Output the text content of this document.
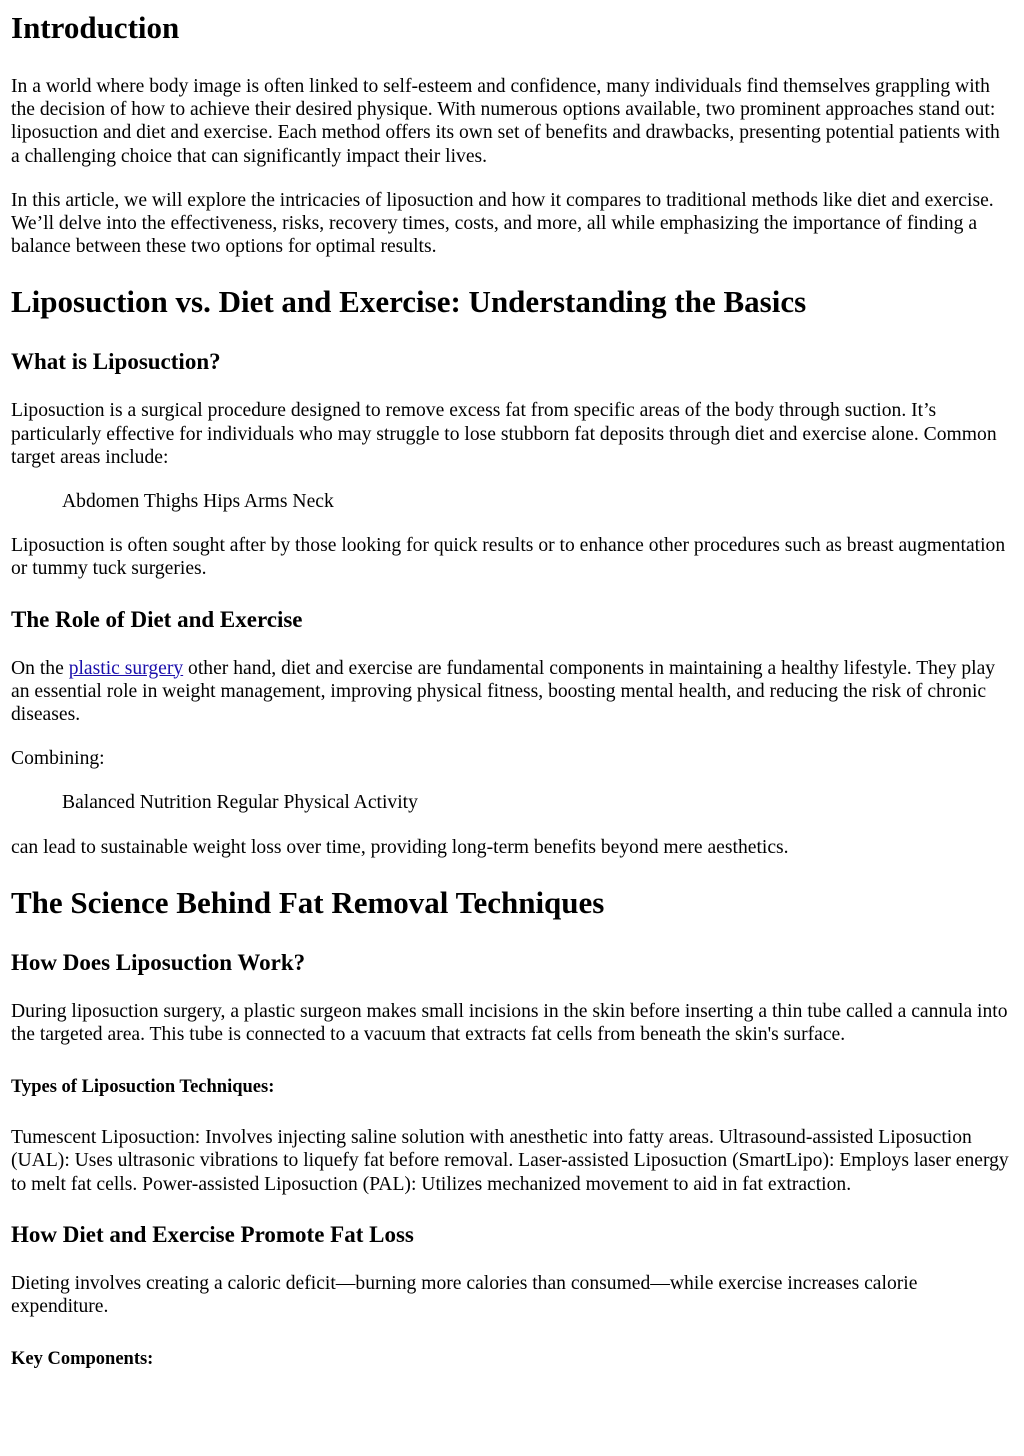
Introduction

In a world where body image is often linked to self-esteem and confidence, many individuals find themselves grappling with the decision of how to achieve their desired physique. With numerous options available, two prominent approaches stand out: liposuction and diet and exercise. Each method offers its own set of benefits and drawbacks, presenting potential patients with a challenging choice that can significantly impact their lives.

In this article, we will explore the intricacies of liposuction and how it compares to traditional methods like diet and exercise. We’ll delve into the effectiveness, risks, recovery times, costs, and more, all while emphasizing the importance of finding a balance between these two options for optimal results.

Liposuction vs. Diet and Exercise: Understanding the Basics
What is Liposuction?

Liposuction is a surgical procedure designed to remove excess fat from specific areas of the body through suction. It’s particularly effective for individuals who may struggle to lose stubborn fat deposits through diet and exercise alone. Common target areas include:

Abdomen Thighs Hips Arms Neck

Liposuction is often sought after by those looking for quick results or to enhance other procedures such as breast augmentation or tummy tuck surgeries.

The Role of Diet and Exercise

On the plastic surgery other hand, diet and exercise are fundamental components in maintaining a healthy lifestyle. They play an essential role in weight management, improving physical fitness, boosting mental health, and reducing the risk of chronic diseases.

Combining:

Balanced Nutrition Regular Physical Activity

can lead to sustainable weight loss over time, providing long-term benefits beyond mere aesthetics.

The Science Behind Fat Removal Techniques
How Does Liposuction Work?

During liposuction surgery, a plastic surgeon makes small incisions in the skin before inserting a thin tube called a cannula into the targeted area. This tube is connected to a vacuum that extracts fat cells from beneath the skin's surface.

Types of Liposuction Techniques:

Tumescent Liposuction: Involves injecting saline solution with anesthetic into fatty areas. Ultrasound-assisted Liposuction (UAL): Uses ultrasonic vibrations to liquefy fat before removal. Laser-assisted Liposuction (SmartLipo): Employs laser energy to melt fat cells. Power-assisted Liposuction (PAL): Utilizes mechanized movement to aid in fat extraction.

How Diet and Exercise Promote Fat Loss

Dieting involves creating a caloric deficit—burning more calories than consumed—while exercise increases calorie expenditure.

Key Components:
